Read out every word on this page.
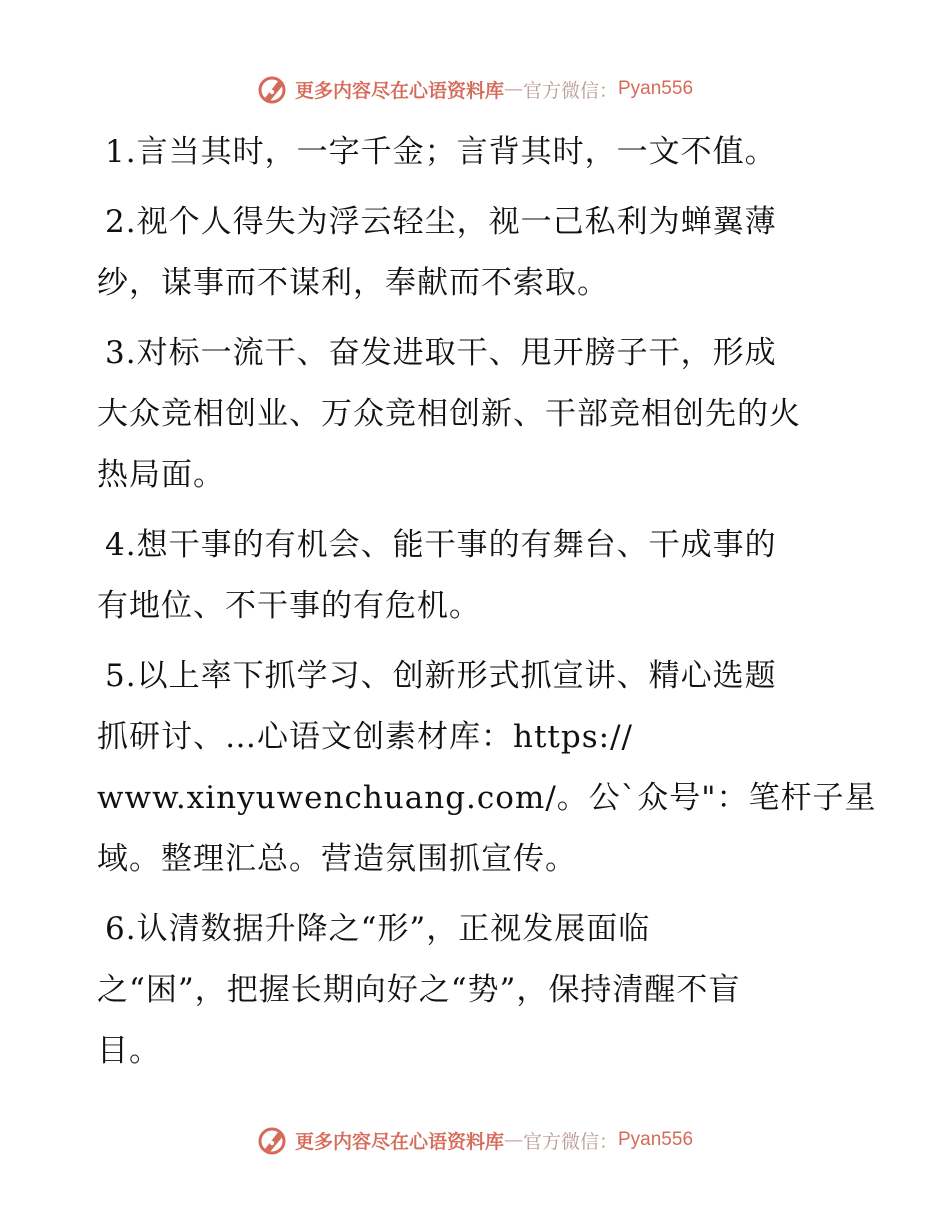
更多内容尽在心语资料库 — 官方微信： Pyan556
1.言当其时，一字千金；言背其时，一文不值。
2.视个人得失为浮云轻尘，视一己私利为蝉翼薄
纱，谋事而不谋利，奉献而不索取。
3.对标一流干、奋发进取干、甩开膀子干，形成
大众竞相创业、万众竞相创新、干部竞相创先的火
热局面。
4.想干事的有机会、能干事的有舞台、干成事的
有地位、不干事的有危机。
5.以上率下抓学习、创新形式抓宣讲、精心选题
抓研讨、…心语文创素材库：https://
www.xinyuwenchuang.com/。公`众号"：笔杆子星
域。整理汇总。营造氛围抓宣传。
6.认清数据升降之“形”，正视发展面临
之“困”，把握长期向好之“势”，保持清醒不盲
目。
更多内容尽在心语资料库 — 官方微信： Pyan556
